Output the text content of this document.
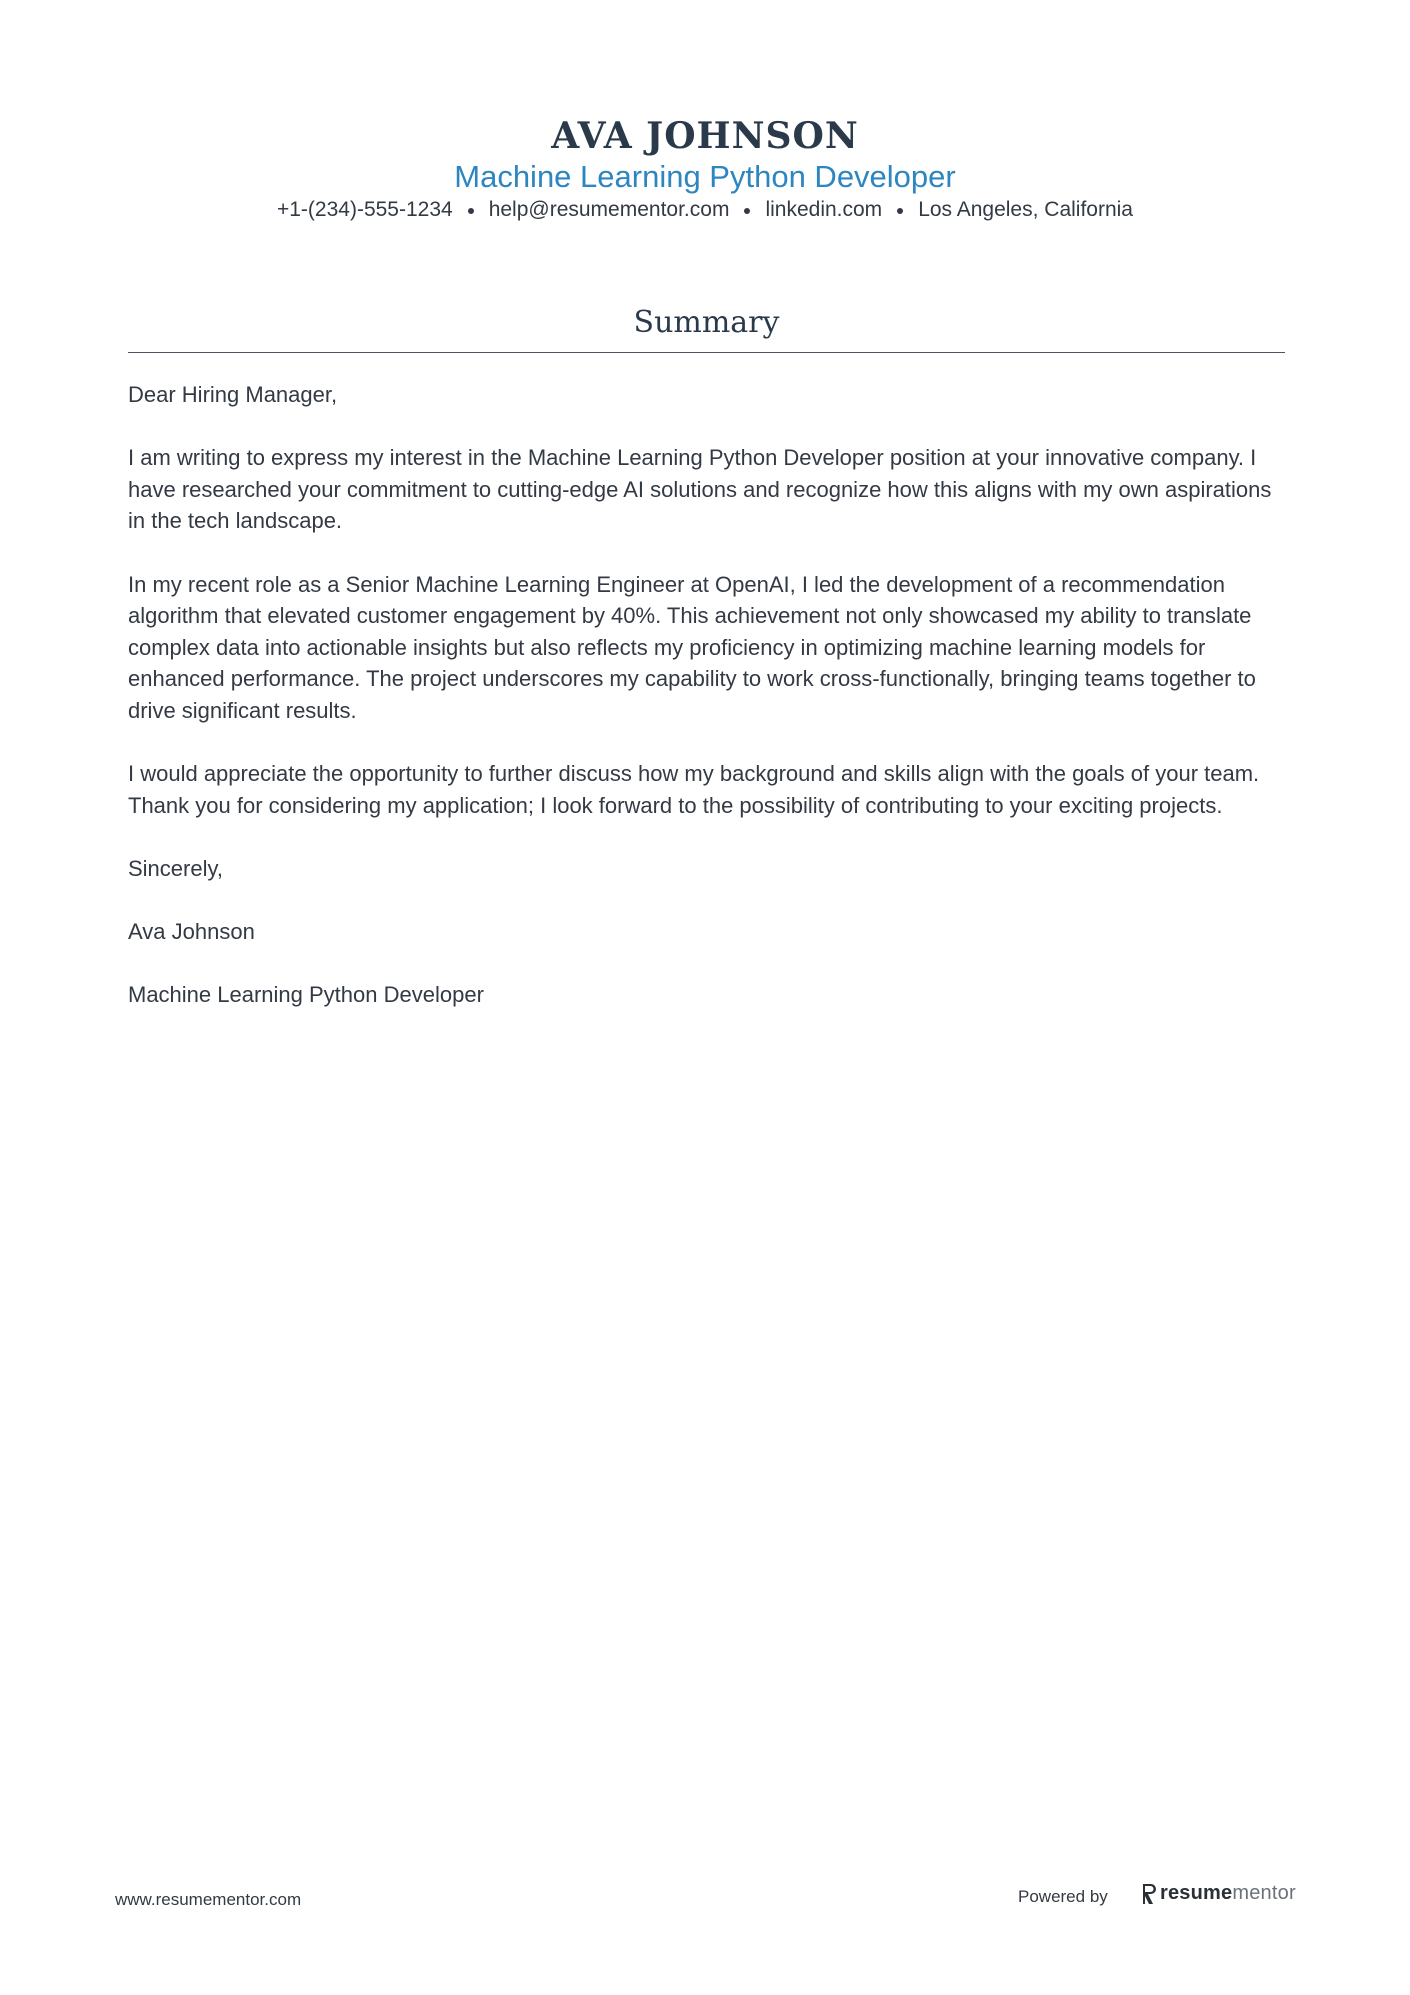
AVA JOHNSON
Machine Learning Python Developer
+1-(234)-555-1234 help@resumementor.com linkedin.com Los Angeles, California
Summary

Dear Hiring Manager,

I am writing to express my interest in the Machine Learning Python Developer position at your innovative company. I have researched your commitment to cutting-edge AI solutions and recognize how this aligns with my own aspirations in the tech landscape.

In my recent role as a Senior Machine Learning Engineer at OpenAI, I led the development of a recommendation algorithm that elevated customer engagement by 40%. This achievement not only showcased my ability to translate complex data into actionable insights but also reflects my proficiency in optimizing machine learning models for enhanced performance. The project underscores my capability to work cross-functionally, bringing teams together to drive significant results.

I would appreciate the opportunity to further discuss how my background and skills align with the goals of your team. Thank you for considering my application; I look forward to the possibility of contributing to your exciting projects.

Sincerely,

Ava Johnson

Machine Learning Python Developer

www.resumementor.com	Powered by	resume mentor
